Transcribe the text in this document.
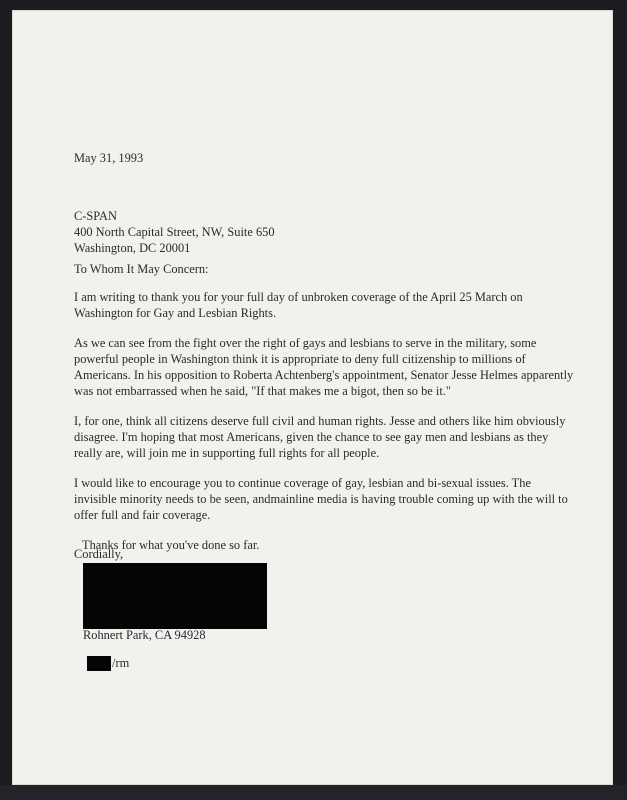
May 31, 1993
C-SPAN
400 North Capital Street, NW, Suite 650
Washington, DC 20001
To Whom It May Concern:

I am writing to thank you for your full day of unbroken coverage of the April 25 March on Washington for Gay and Lesbian Rights.

As we can see from the fight over the right of gays and lesbians to serve in the military, some powerful people in Washington think it is appropriate to deny full citizenship to millions of Americans. In his opposition to Roberta Achtenberg's appointment, Senator Jesse Helmes apparently was not embarrassed when he said, "If that makes me a bigot, then so be it."

I, for one, think all citizens deserve full civil and human rights. Jesse and others like him obviously disagree. I'm hoping that most Americans, given the chance to see gay men and lesbians as they really are, will join me in supporting full rights for all people.

I would like to encourage you to continue coverage of gay, lesbian and bi-sexual issues. The invisible minority needs to be seen, andmainline media is having trouble coming up with the will to offer full and fair coverage.

Thanks for what you've done so far.

Cordially,
Rohnert Park, CA 94928
/rm
